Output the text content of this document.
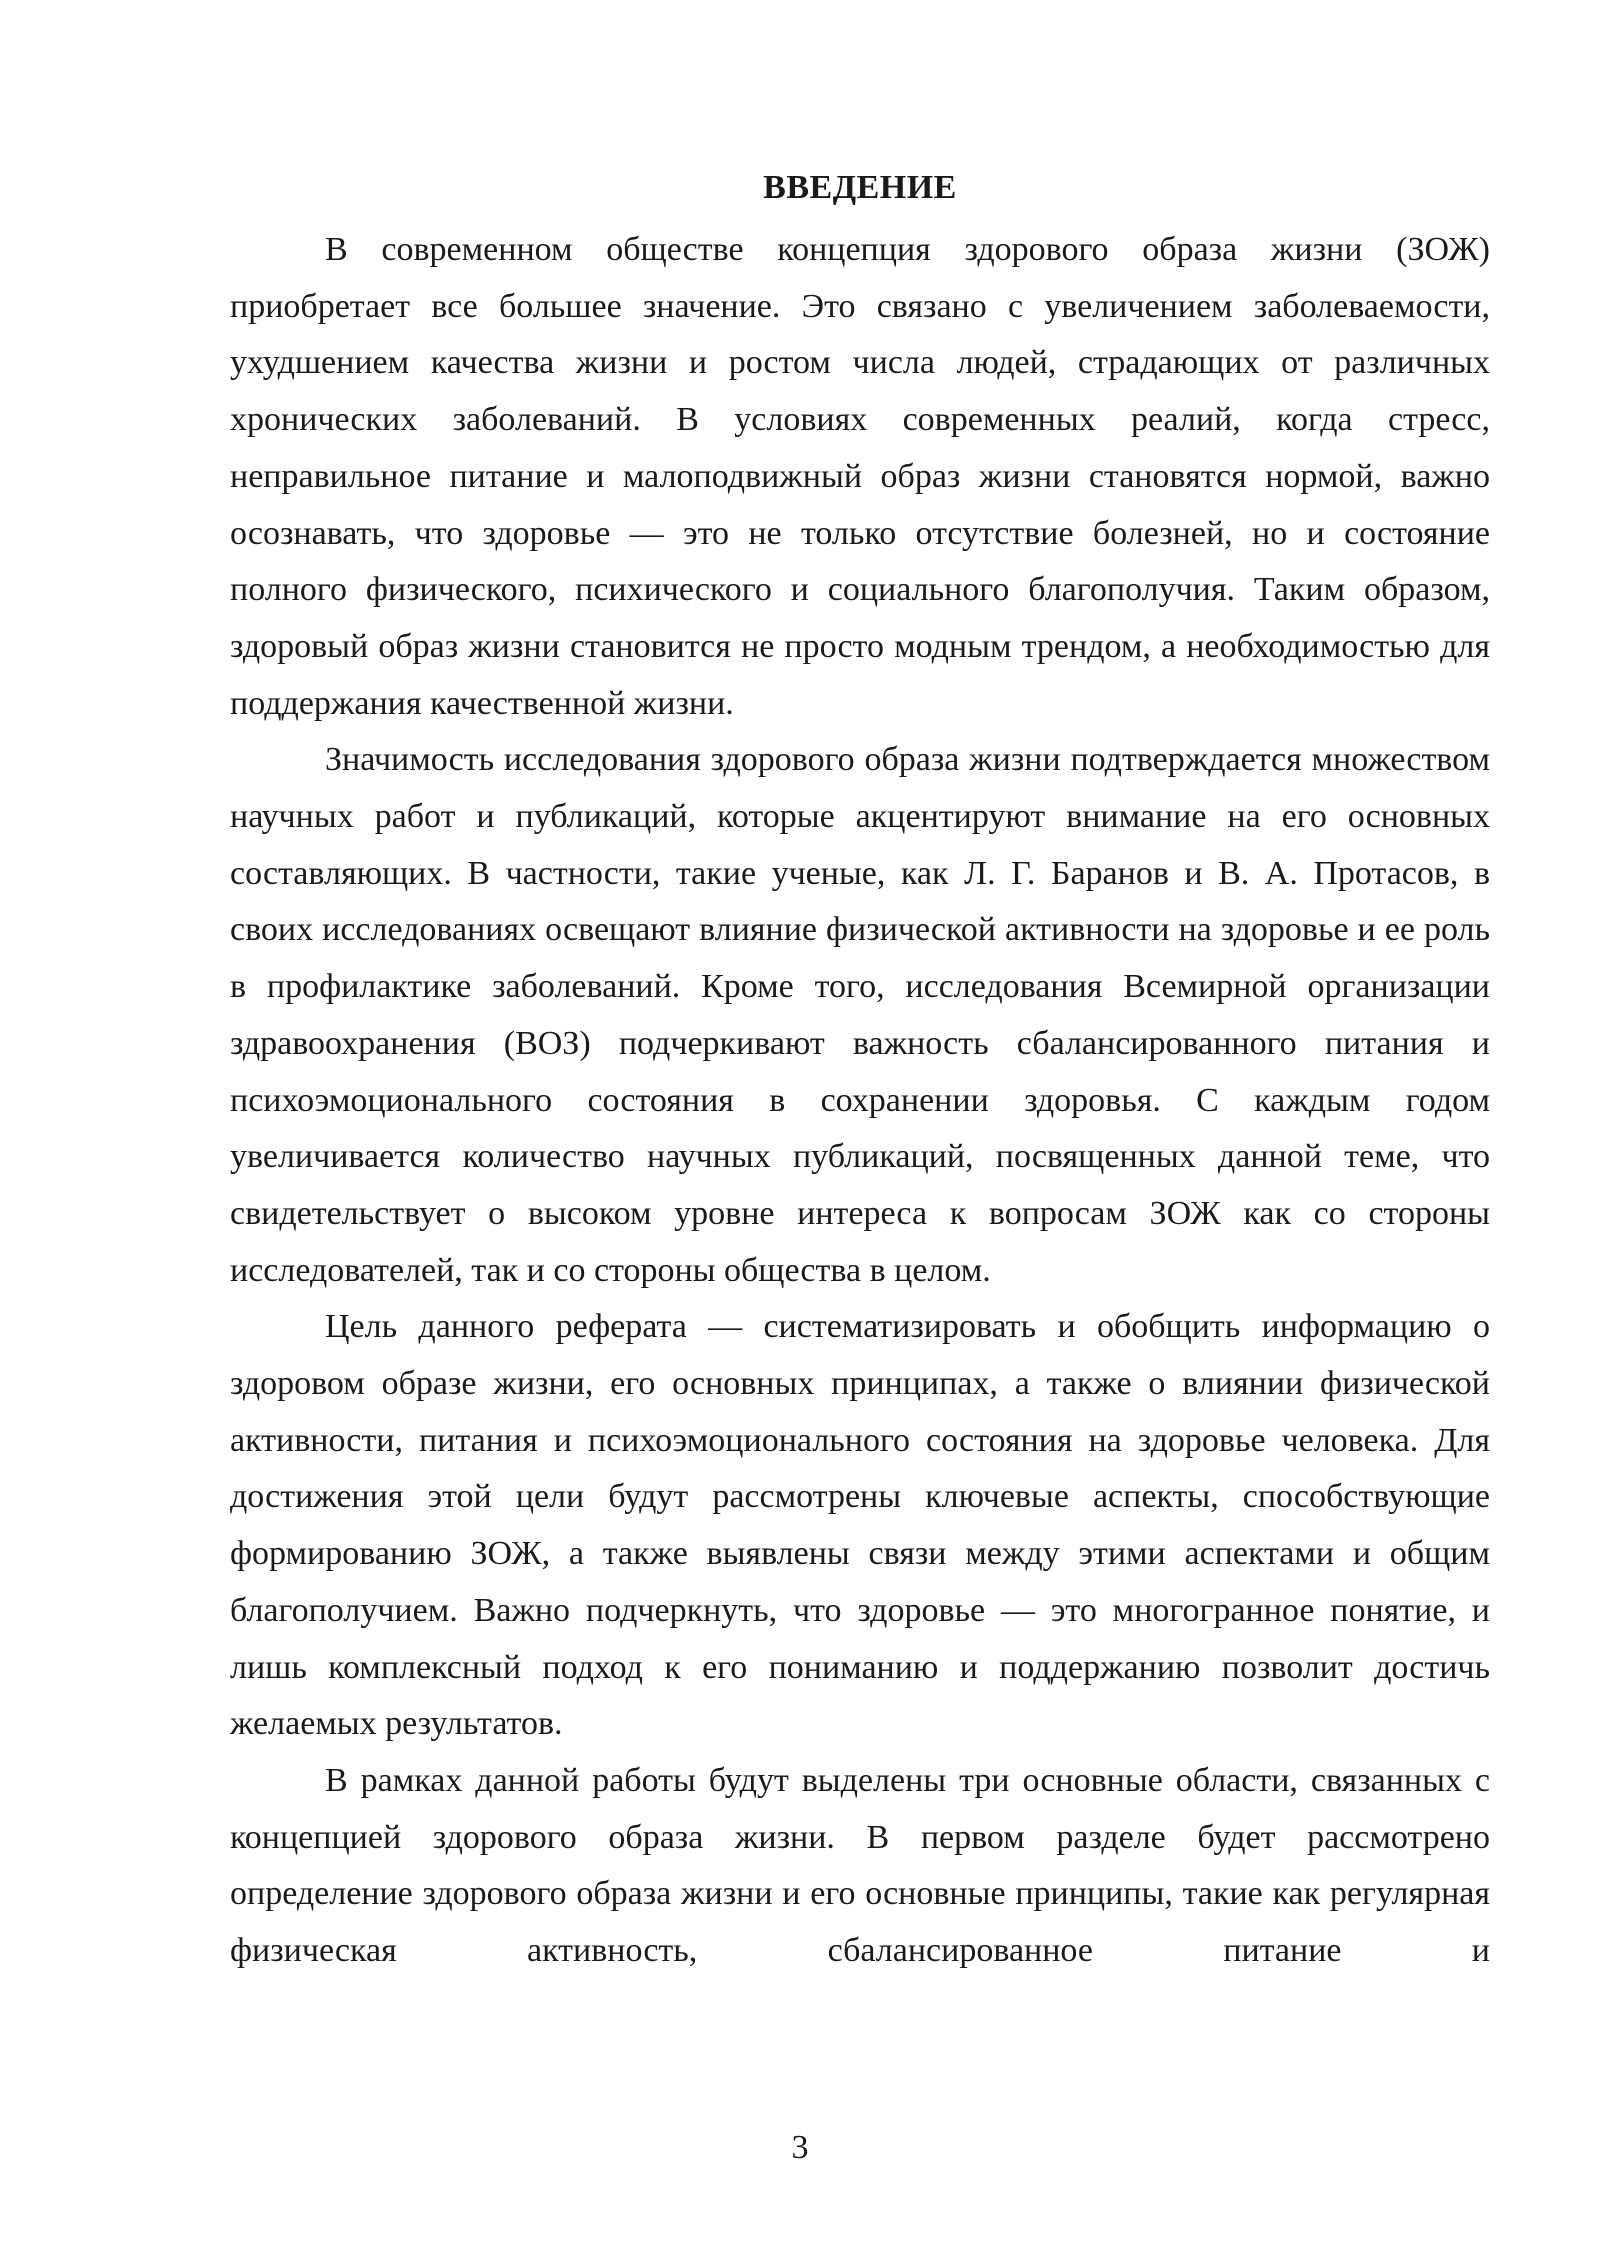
ВВЕДЕНИЕ

В современном обществе концепция здорового образа жизни (ЗОЖ) приобретает все большее значение. Это связано с увеличением заболеваемости, ухудшением качества жизни и ростом числа людей, страдающих от различных хронических заболеваний. В условиях современных реалий, когда стресс, неправильное питание и малоподвижный образ жизни становятся нормой, важно осознавать, что здоровье — это не только отсутствие болезней, но и состояние полного физического, психического и социального благополучия. Таким образом, здоровый образ жизни становится не просто модным трендом, а необходимостью для поддержания качественной жизни.

Значимость исследования здорового образа жизни подтверждается множеством научных работ и публикаций, которые акцентируют внимание на его основных составляющих. В частности, такие ученые, как Л. Г. Баранов и В. А. Протасов, в своих исследованиях освещают влияние физической активности на здоровье и ее роль в профилактике заболеваний. Кроме того, исследования Всемирной организации здравоохранения (ВОЗ) подчеркивают важность сбалансированного питания и психоэмоционального состояния в сохранении здоровья. С каждым годом увеличивается количество научных публикаций, посвященных данной теме, что свидетельствует о высоком уровне интереса к вопросам ЗОЖ как со стороны исследователей, так и со стороны общества в целом.

Цель данного реферата — систематизировать и обобщить информацию о здоровом образе жизни, его основных принципах, а также о влиянии физической активности, питания и психоэмоционального состояния на здоровье человека. Для достижения этой цели будут рассмотрены ключевые аспекты, способствующие формированию ЗОЖ, а также выявлены связи между этими аспектами и общим благополучием. Важно подчеркнуть, что здоровье — это многогранное понятие, и лишь комплексный подход к его пониманию и поддержанию позволит достичь желаемых результатов.

В рамках данной работы будут выделены три основные области, связанных с концепцией здорового образа жизни. В первом разделе будет рассмотрено определение здорового образа жизни и его основные принципы, такие как регулярная физическая активность, сбалансированное питание и

3
